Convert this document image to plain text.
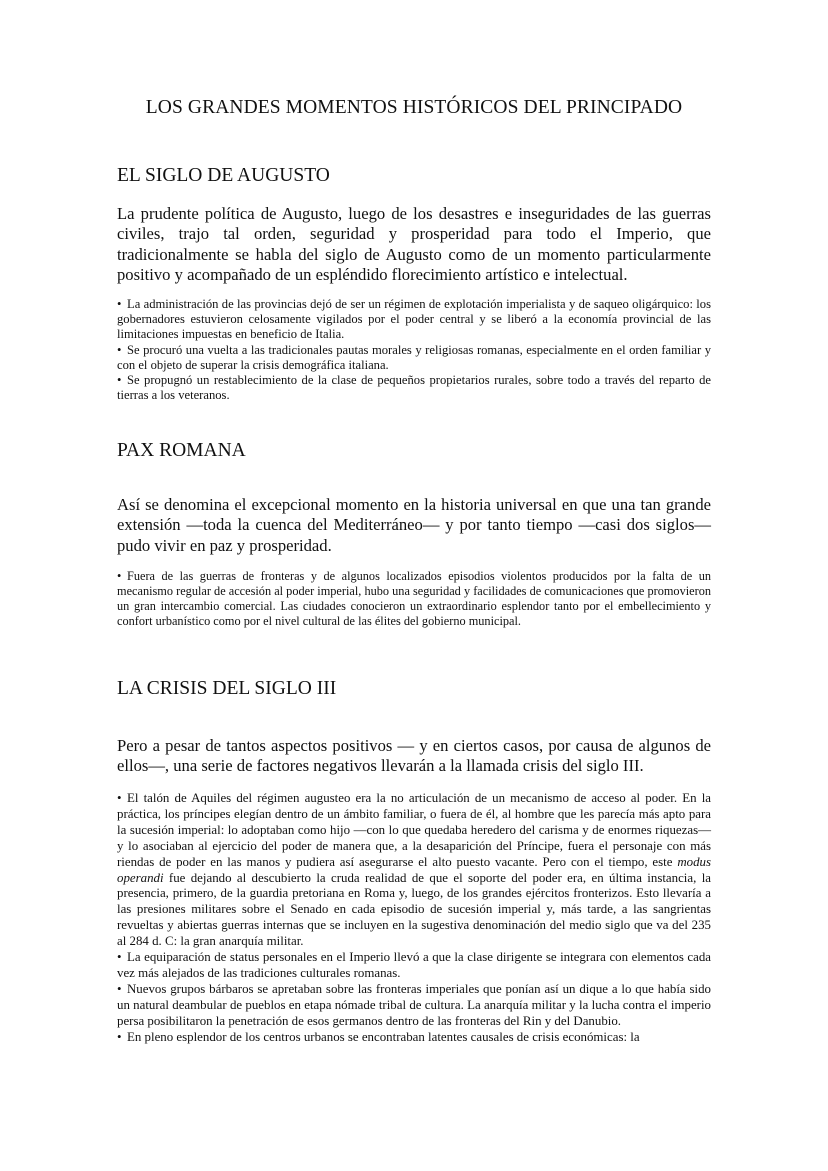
LOS GRANDES MOMENTOS HISTÓRICOS DEL PRINCIPADO
EL SIGLO DE AUGUSTO

La prudente política de Augusto, luego de los desastres e inseguridades de las guerras civiles, trajo tal orden, seguridad y prosperidad para todo el Imperio, que tradicionalmente se habla del siglo de Augusto como de un momento particularmente positivo y acompañado de un espléndido florecimiento artístico e intelectual.

• La administración de las provincias dejó de ser un régimen de explotación imperialista y de saqueo oligárquico: los gobernadores estuvieron celosamente vigilados por el poder central y se liberó a la economía provincial de las limitaciones impuestas en beneficio de Italia.

• Se procuró una vuelta a las tradicionales pautas morales y religiosas romanas, especialmente en el orden familiar y con el objeto de superar la crisis demográfica italiana.

• Se propugnó un restablecimiento de la clase de pequeños propietarios rurales, sobre todo a través del reparto de tierras a los veteranos.

PAX ROMANA

Así se denomina el excepcional momento en la historia universal en que una tan grande extensión —toda la cuenca del Mediterráneo— y por tanto tiempo —casi dos siglos— pudo vivir en paz y prosperidad.

• Fuera de las guerras de fronteras y de algunos localizados episodios violentos producidos por la falta de un mecanismo regular de accesión al poder imperial, hubo una seguridad y facilidades de comunicaciones que promovieron un gran intercambio comercial. Las ciudades conocieron un extraordinario esplendor tanto por el embellecimiento y confort urbanístico como por el nivel cultural de las élites del gobierno municipal.

LA CRISIS DEL SIGLO III

Pero a pesar de tantos aspectos positivos — y en ciertos casos, por causa de algunos de ellos—, una serie de factores negativos llevarán a la llamada crisis del siglo III.

• El talón de Aquiles del régimen augusteo era la no articulación de un mecanismo de acceso al poder. En la práctica, los príncipes elegían dentro de un ámbito familiar, o fuera de él, al hombre que les parecía más apto para la sucesión imperial: lo adoptaban como hijo —con lo que quedaba heredero del carisma y de enormes riquezas— y lo asociaban al ejercicio del poder de manera que, a la desaparición del Príncipe, fuera el personaje con más riendas de poder en las manos y pudiera así asegurarse el alto puesto vacante. Pero con el tiempo, este modus operandi fue dejando al descubierto la cruda realidad de que el soporte del poder era, en última instancia, la presencia, primero, de la guardia pretoriana en Roma y, luego, de los grandes ejércitos fronterizos. Esto llevaría a las presiones militares sobre el Senado en cada episodio de sucesión imperial y, más tarde, a las sangrientas revueltas y abiertas guerras internas que se incluyen en la sugestiva denominación del medio siglo que va del 235 al 284 d. C: la gran anarquía militar.

• La equiparación de status personales en el Imperio llevó a que la clase dirigente se integrara con elementos cada vez más alejados de las tradiciones culturales romanas.

• Nuevos grupos bárbaros se apretaban sobre las fronteras imperiales que ponían así un dique a lo que había sido un natural deambular de pueblos en etapa nómade tribal de cultura. La anarquía militar y la lucha contra el imperio persa posibilitaron la penetración de esos germanos dentro de las fronteras del Rin y del Danubio.

• En pleno esplendor de los centros urbanos se encontraban latentes causales de crisis económicas: la
